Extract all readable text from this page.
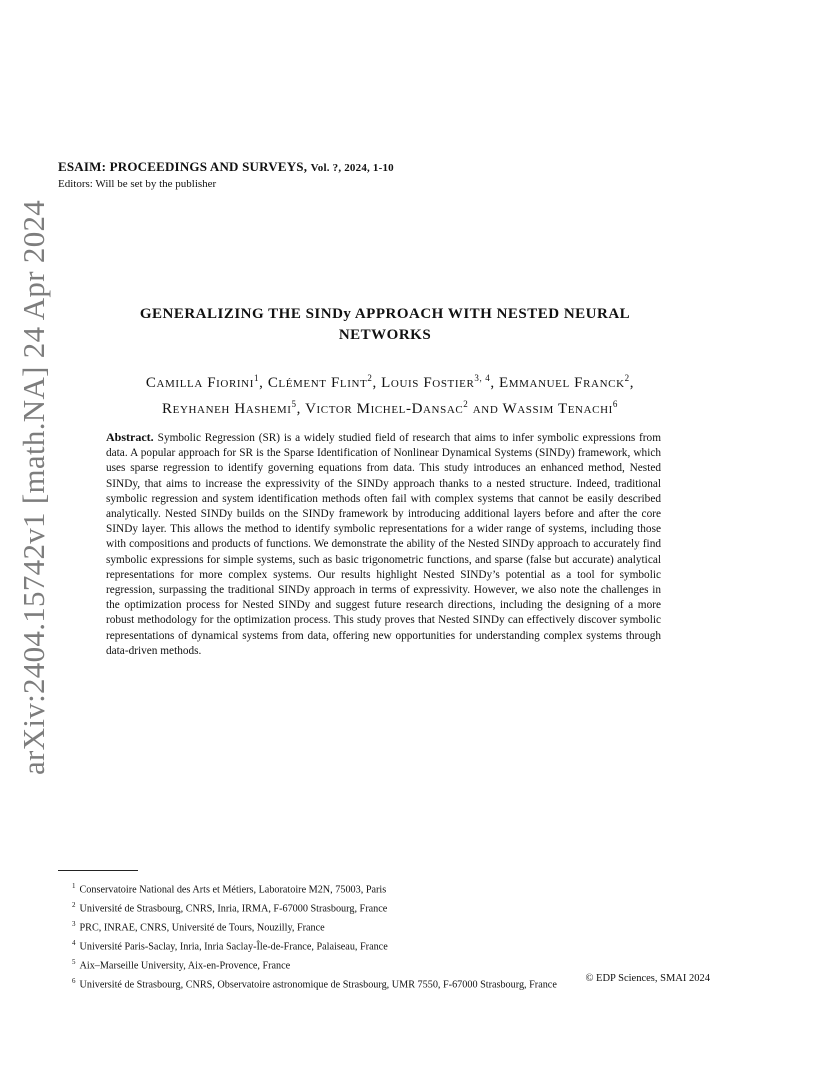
arXiv:2404.15742v1 [math.NA] 24 Apr 2024
ESAIM: PROCEEDINGS AND SURVEYS, Vol. ?, 2024, 1-10
Editors: Will be set by the publisher
GENERALIZING THE SINDy APPROACH WITH NESTED NEURAL
NETWORKS
Camilla Fiorini$^1$, Clément Flint$^2$, Louis Fostier$^{3, 4}$, Emmanuel Franck$^2$,
Reyhaneh Hashemi$^5$, Victor Michel-Dansac$^2$ and Wassim Tenachi$^6$
Abstract. Symbolic Regression (SR) is a widely studied field of research that aims to infer symbolic expressions from data. A popular approach for SR is the Sparse Identification of Nonlinear Dynamical Systems (SINDy) framework, which uses sparse regression to identify governing equations from data. This study introduces an enhanced method, Nested SINDy, that aims to increase the expressivity of the SINDy approach thanks to a nested structure. Indeed, traditional symbolic regression and system identification methods often fail with complex systems that cannot be easily described analytically. Nested SINDy builds on the SINDy framework by introducing additional layers before and after the core SINDy layer. This allows the method to identify symbolic representations for a wider range of systems, including those with compositions and products of functions. We demonstrate the ability of the Nested SINDy approach to accurately find symbolic expressions for simple systems, such as basic trigonometric functions, and sparse (false but accurate) analytical representations for more complex systems. Our results highlight Nested SINDy’s potential as a tool for symbolic regression, surpassing the traditional SINDy approach in terms of expressivity. However, we also note the challenges in the optimization process for Nested SINDy and suggest future research directions, including the designing of a more robust methodology for the optimization process. This study proves that Nested SINDy can effectively discover symbolic representations of dynamical systems from data, offering new opportunities for understanding complex systems through data-driven methods.
$^1$ Conservatoire National des Arts et Métiers, Laboratoire M2N, 75003, Paris
$^2$ Université de Strasbourg, CNRS, Inria, IRMA, F-67000 Strasbourg, France
$^3$ PRC, INRAE, CNRS, Université de Tours, Nouzilly, France
$^4$ Université Paris-Saclay, Inria, Inria Saclay-Île-de-France, Palaiseau, France
$^5$ Aix–Marseille University, Aix-en-Provence, France
$^6$ Université de Strasbourg, CNRS, Observatoire astronomique de Strasbourg, UMR 7550, F-67000 Strasbourg, France
© EDP Sciences, SMAI 2024
